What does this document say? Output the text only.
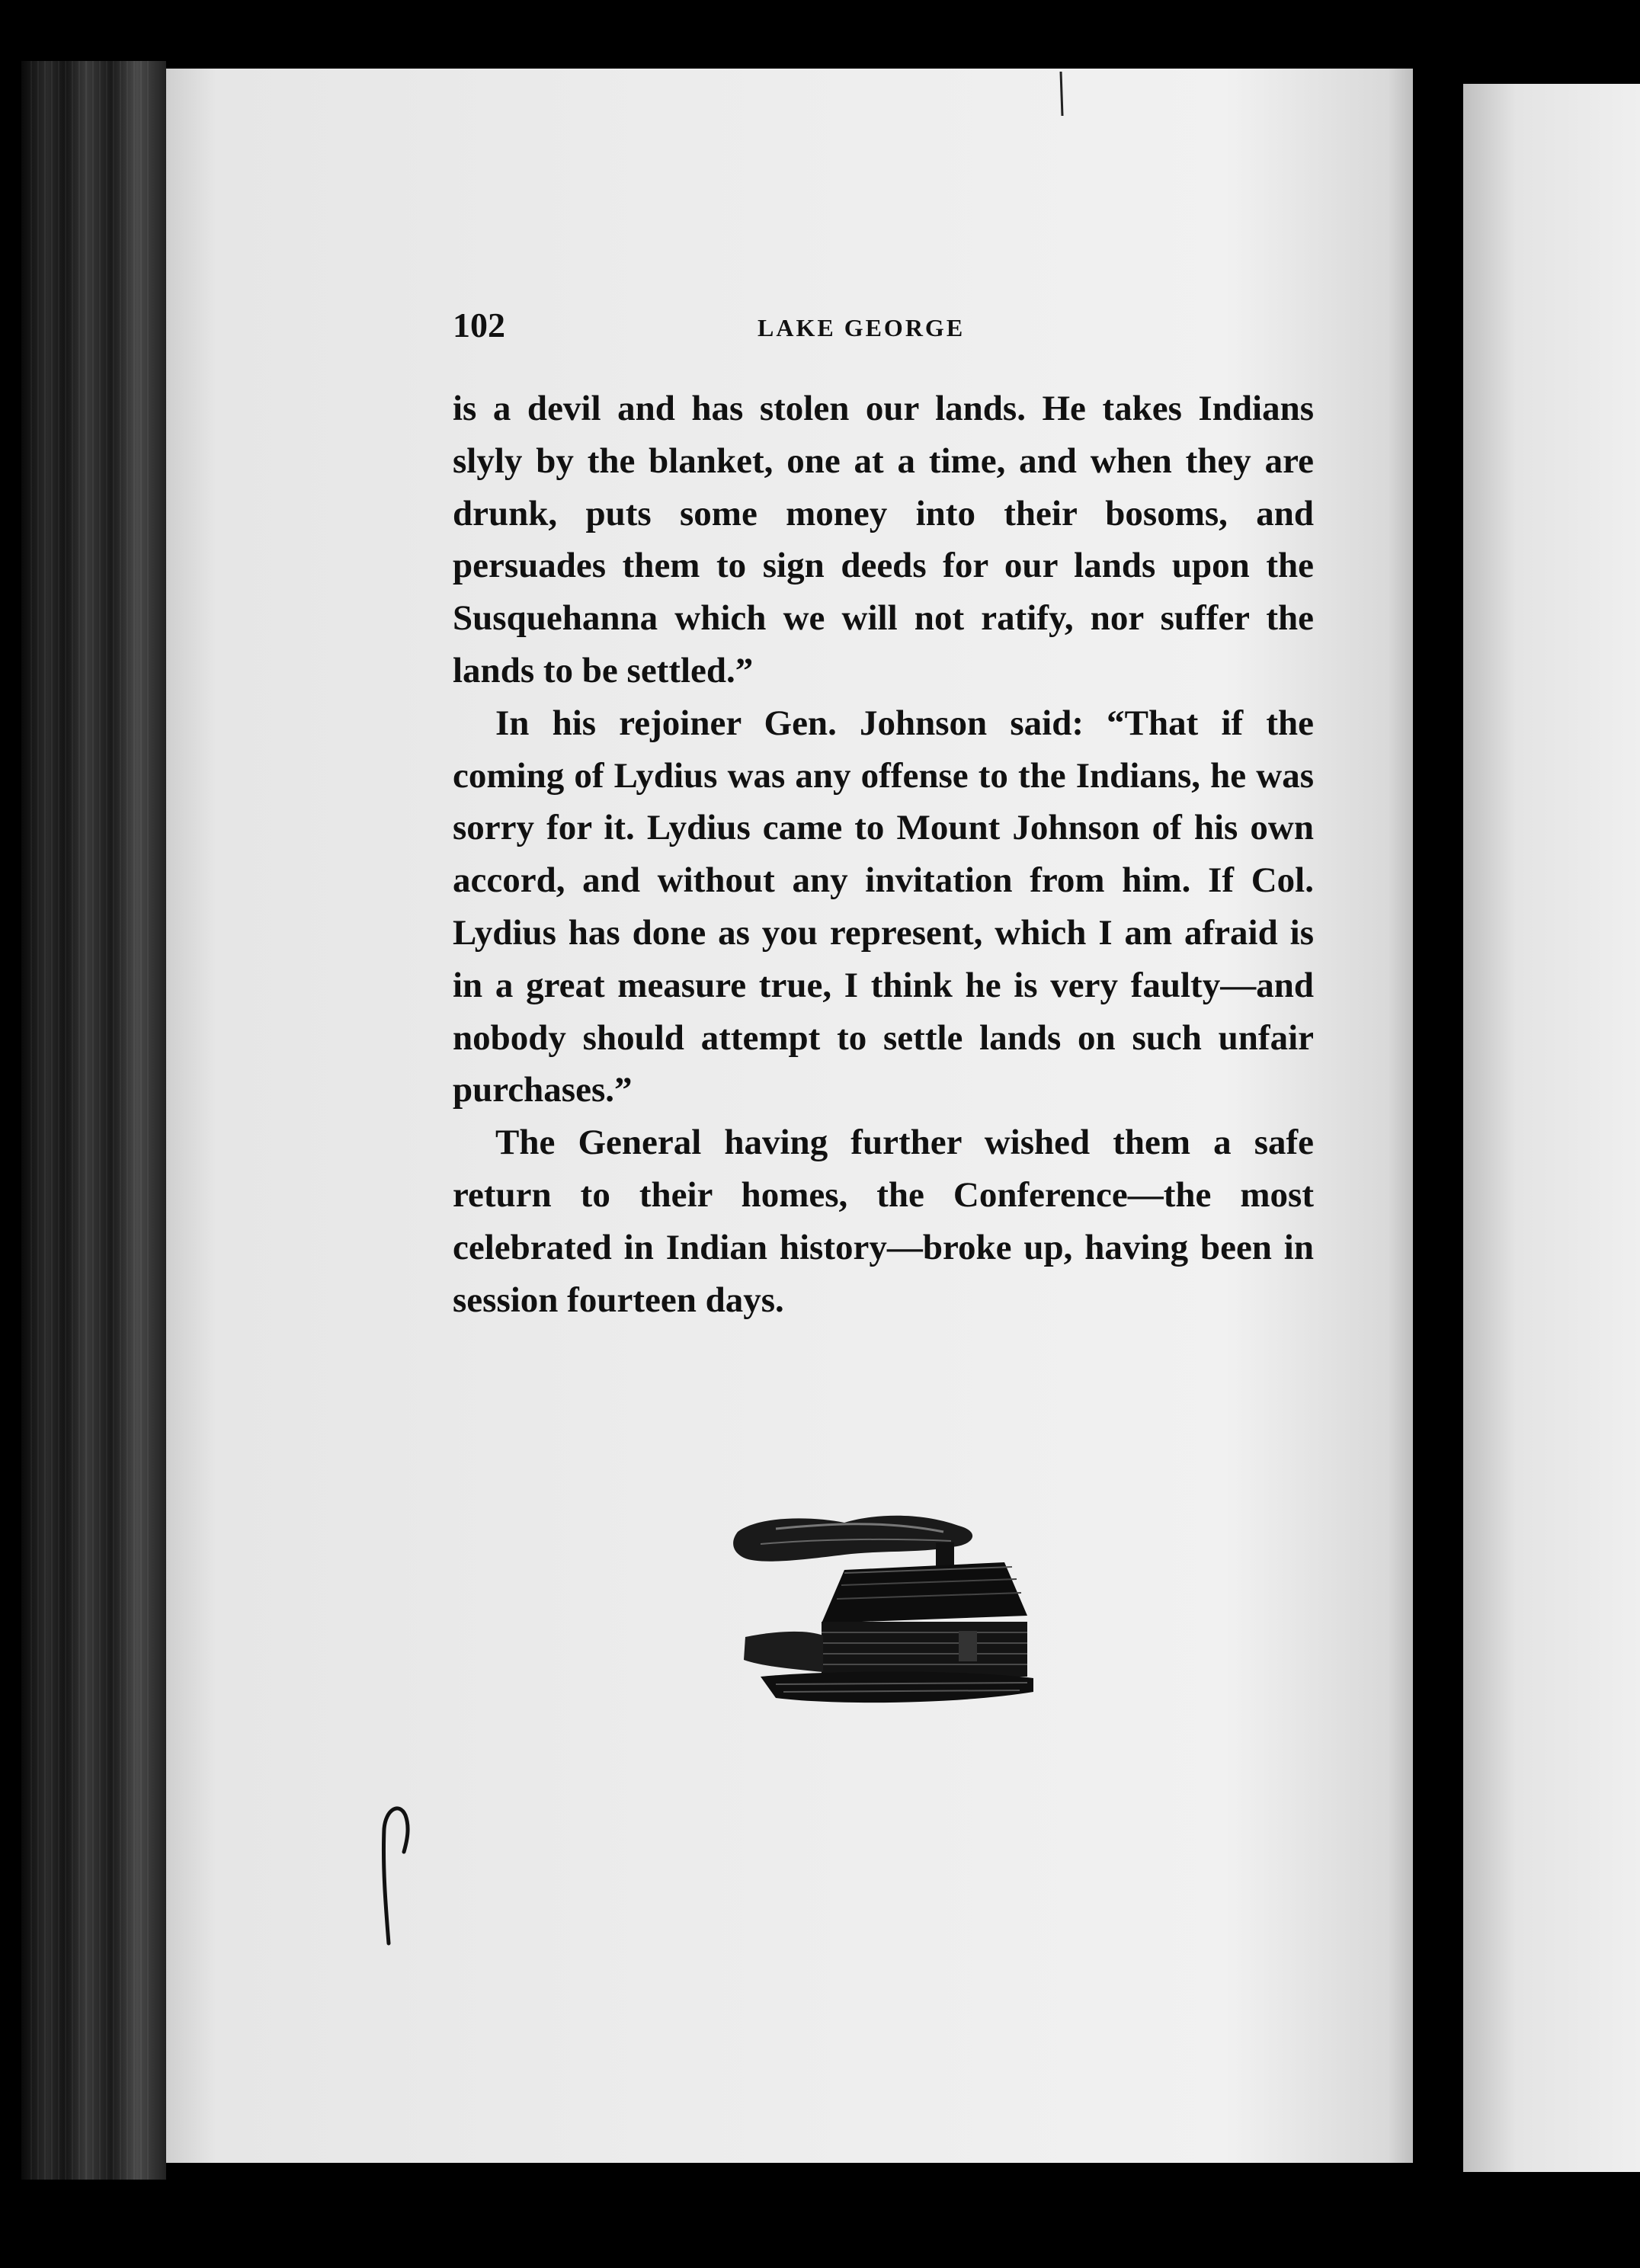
102	LAKE GEORGE

is a devil and has stolen our lands. He takes Indians slyly by the blanket, one at a time, and when they are drunk, puts some money into their bosoms, and persuades them to sign deeds for our lands upon the Susquehanna which we will not ratify, nor suffer the lands to be settled.”

In his rejoiner Gen. Johnson said: “That if the coming of Lydius was any offense to the Indians, he was sorry for it. Lydius came to Mount Johnson of his own accord, and without any invitation from him. If Col. Lydius has done as you represent, which I am afraid is in a great measure true, I think he is very faulty—and nobody should attempt to settle lands on such unfair purchases.”

The General having further wished them a safe return to their homes, the Conference—the most celebrated in Indian history—broke up, having been in session fourteen days.
